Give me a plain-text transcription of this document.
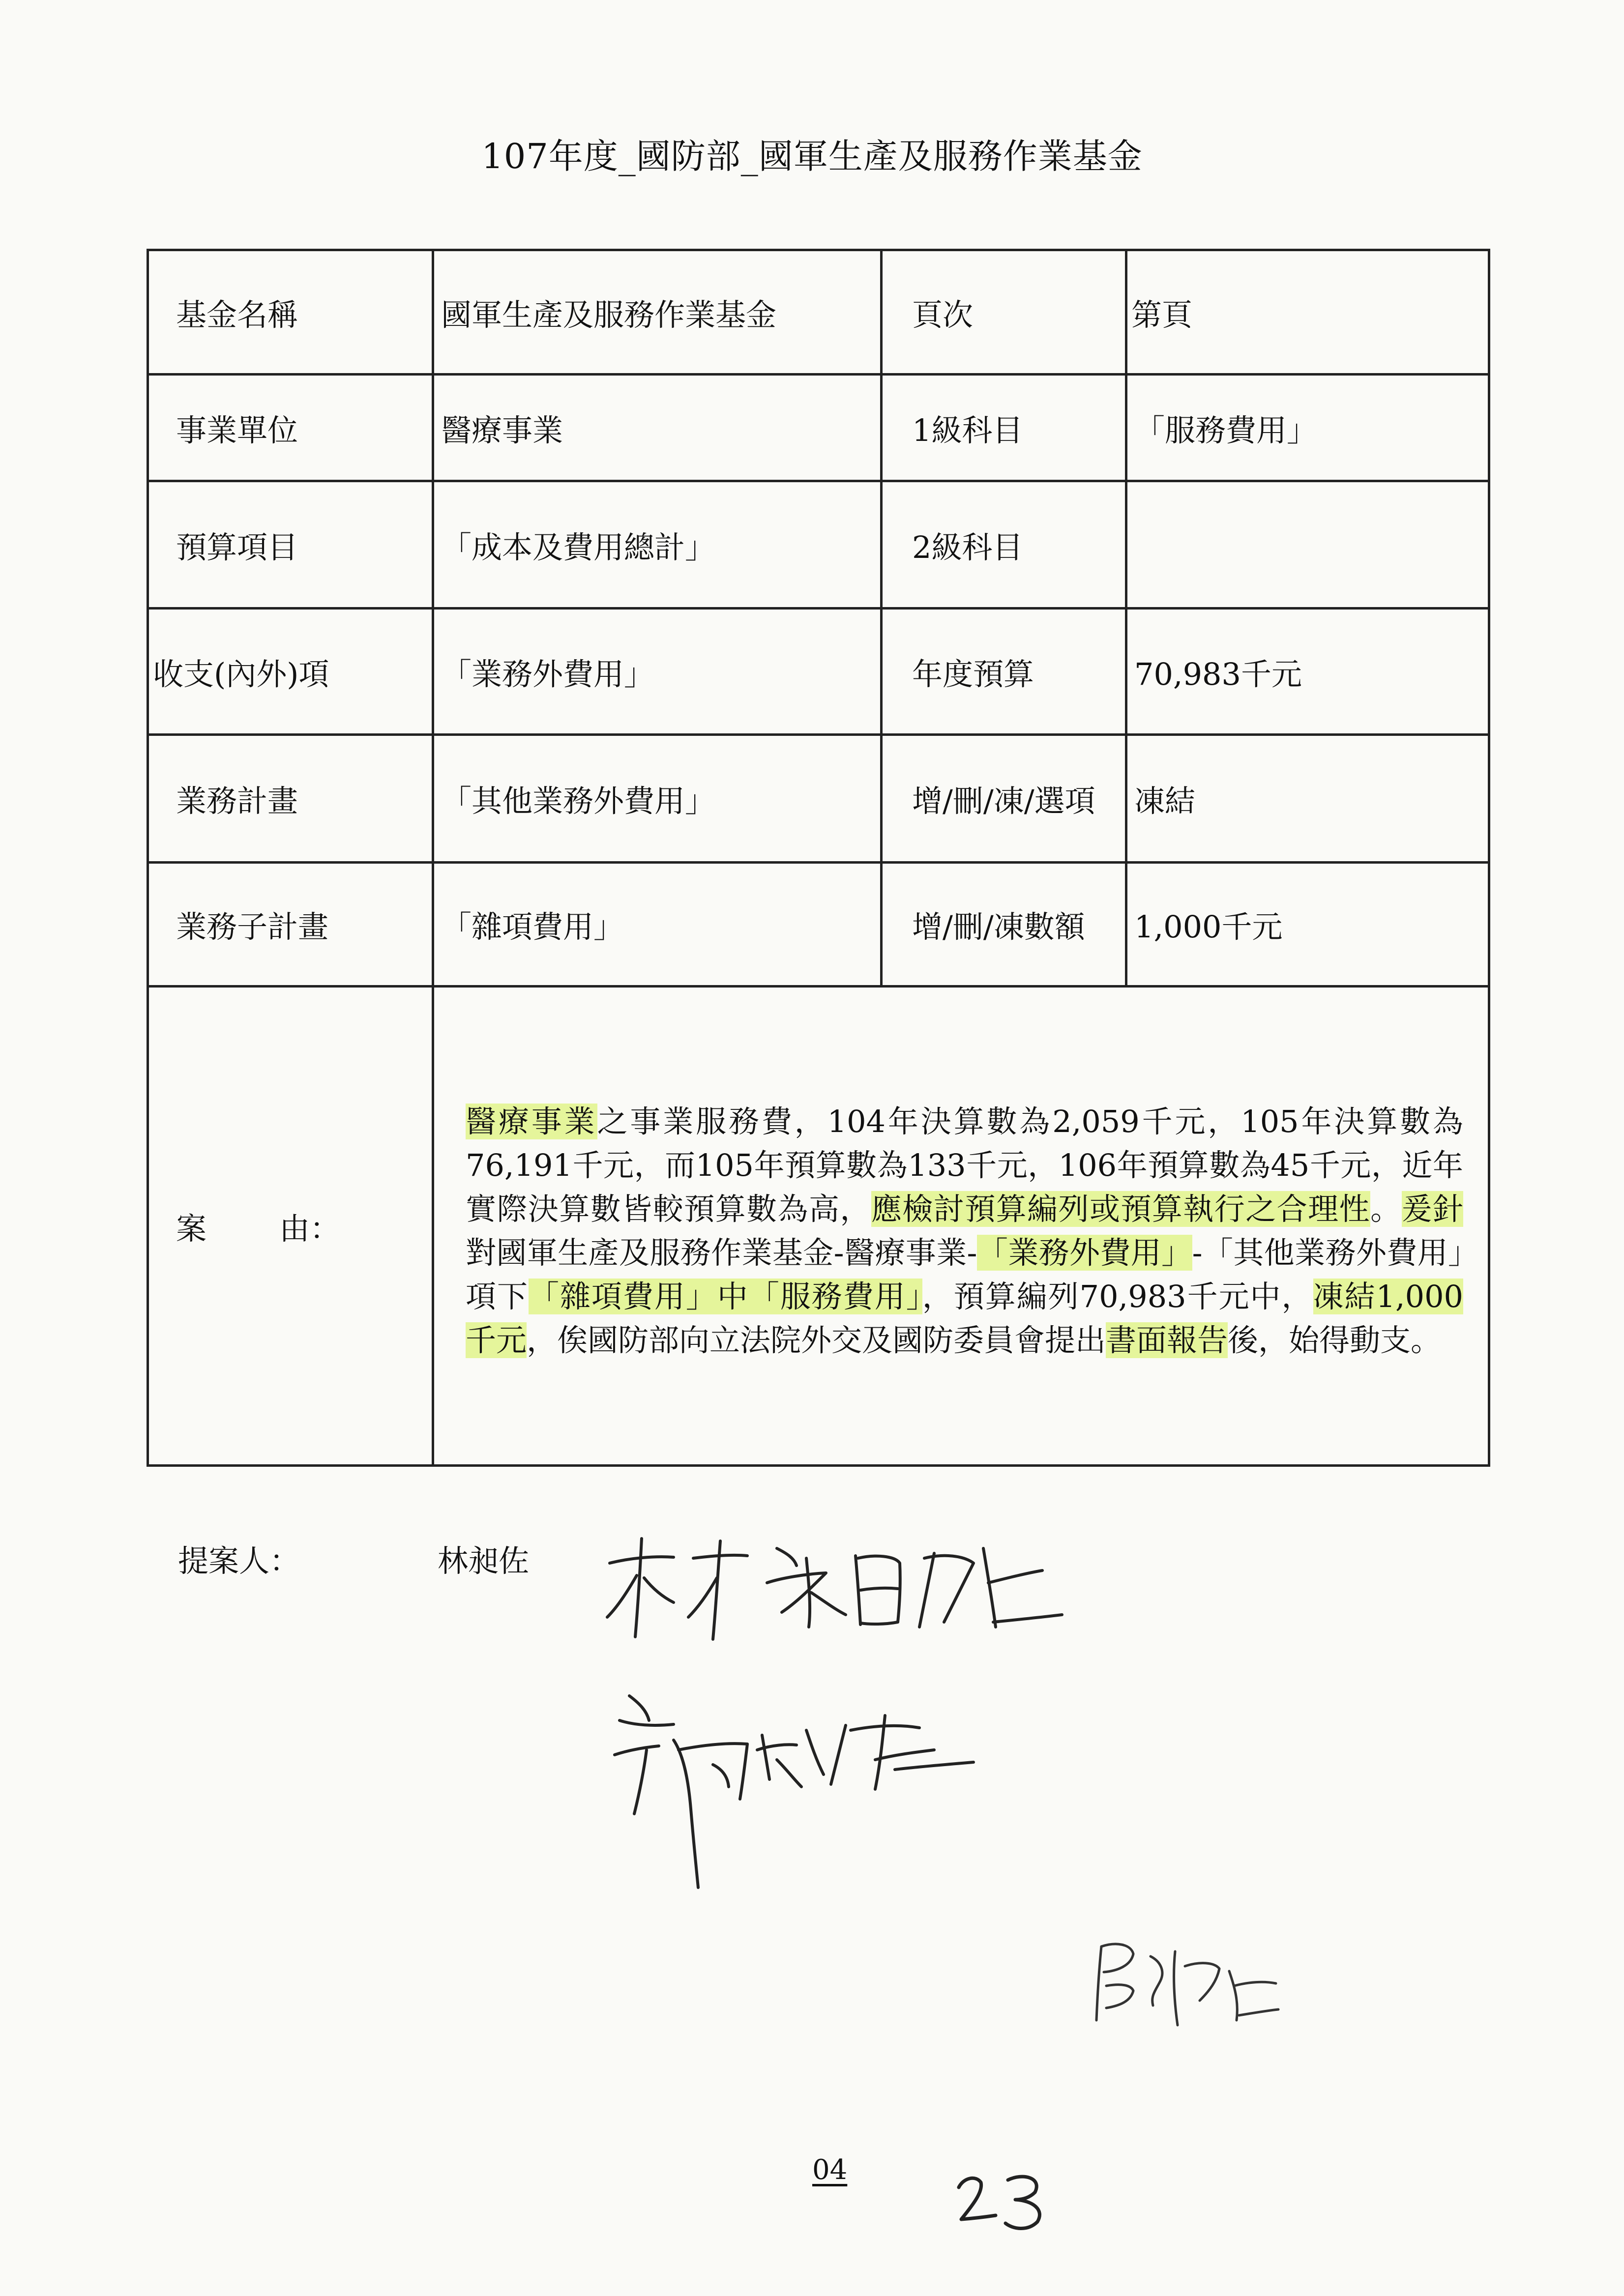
107年度_國防部_國軍生產及服務作業基金
基金名稱	國軍生產及服務作業基金	頁次	第頁
事業單位	醫療事業	1級科目	「服務費用」
預算項目	「成本及費用總計」	2級科目	
收支(內外)項	「業務外費用」	年度預算	70,983千元
業務計畫	「其他業務外費用」	增/刪/凍/選項	凍結
業務子計畫	「雜項費用」	增/刪/凍數額	1,000千元
案 由：	醫療事業之事業服務費，104年決算數為2,059千元，105年決算數為76,191千元，而105年預算數為133千元，106年預算數為45千元，近年實際決算數皆較預算數為高，應檢討預算編列或預算執行之合理性。爰針對國軍生產及服務作業基金-醫療事業-「業務外費用」-「其他業務外費用」項下「雜項費用」中「服務費用」，預算編列70,983千元中，凍結1,000千元，俟國防部向立法院外交及國防委員會提出書面報告後，始得動支。		
提案人：	林昶佐
04
